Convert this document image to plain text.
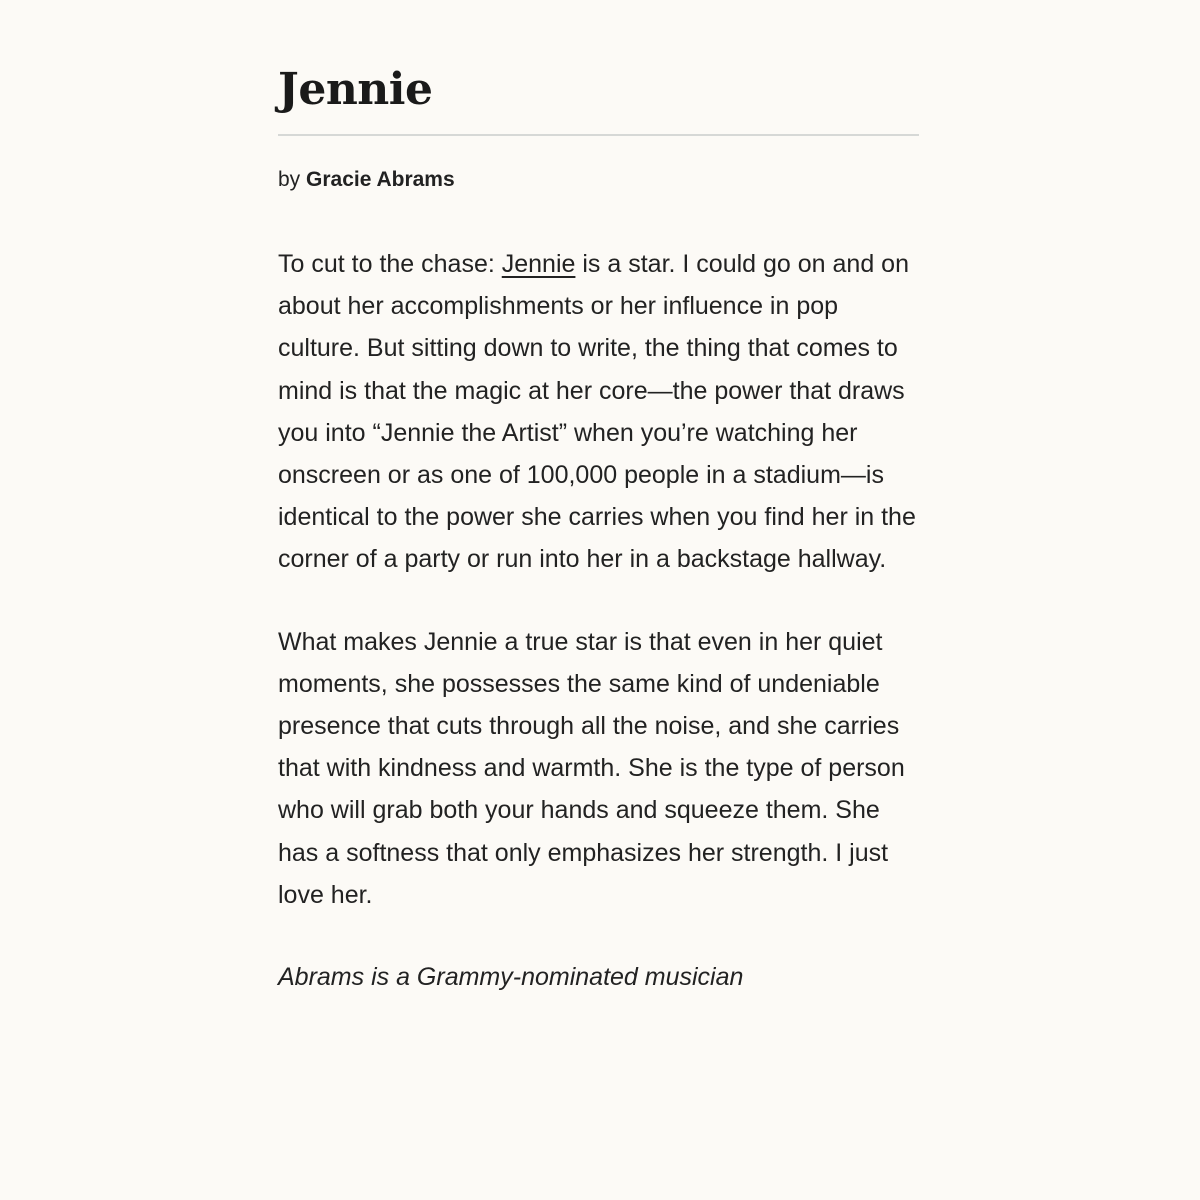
Jennie

by Gracie Abrams

To cut to the chase: Jennie is a star. I could go on and on about her accomplishments or her influence in pop culture. But sitting down to write, the thing that comes to mind is that the magic at her core—the power that draws you into “Jennie the Artist” when you’re watching her onscreen or as one of 100,000 people in a stadium—is identical to the power she carries when you find her in the corner of a party or run into her in a backstage hallway.

What makes Jennie a true star is that even in her quiet moments, she possesses the same kind of undeniable presence that cuts through all the noise, and she carries that with kindness and warmth. She is the type of person who will grab both your hands and squeeze them. She has a softness that only emphasizes her strength. I just love her.

Abrams is a Grammy-nominated musician
